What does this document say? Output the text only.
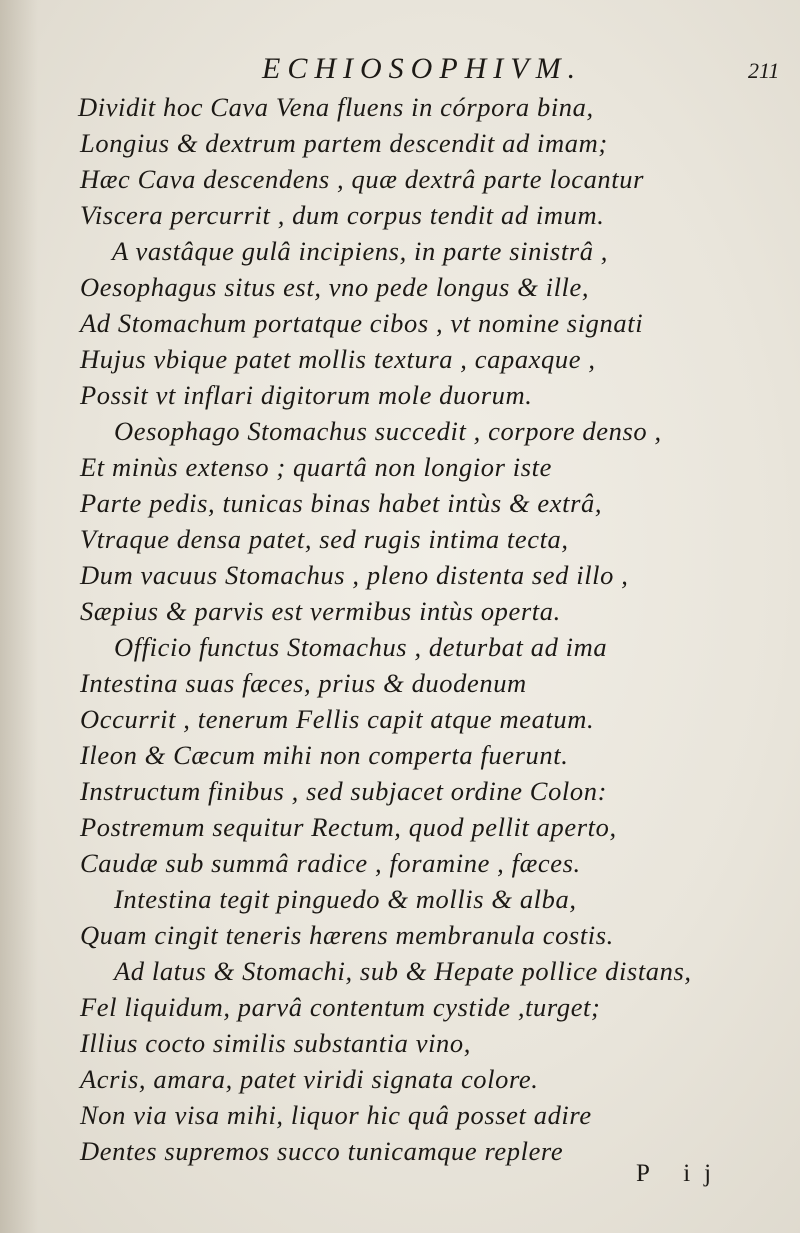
ECHIOSOPHIVM.	211
Dividit hoc Cava Vena fluens in córpora bina,
Longius & dextrum partem descendit ad imam;
Hæc Cava descendens , quæ dextrâ parte locantur
Viscera percurrit , dum corpus tendit ad imum.
A vastâque gulâ incipiens, in parte sinistrâ ,
Oesophagus situs est, vno pede longus & ille,
Ad Stomachum portatque cibos , vt nomine signati
Hujus vbique patet mollis textura , capaxque ,
Possit vt inflari digitorum mole duorum.
Oesophago Stomachus succedit , corpore denso ,
Et minùs extenso ; quartâ non longior iste
Parte pedis, tunicas binas habet intùs & extrâ,
Vtraque densa patet, sed rugis intima tecta,
Dum vacuus Stomachus , pleno distenta sed illo ,
Sæpius & parvis est vermibus intùs operta.
Officio functus Stomachus , deturbat ad ima
Intestina suas fæces, prius & duodenum
Occurrit , tenerum Fellis capit atque meatum.
Ileon & Cæcum mihi non comperta fuerunt.
Instructum finibus , sed subjacet ordine Colon:
Postremum sequitur Rectum, quod pellit aperto,
Caudæ sub summâ radice , foramine , fæces.
Intestina tegit pinguedo & mollis & alba,
Quam cingit teneris hærens membranula costis.
Ad latus & Stomachi, sub & Hepate pollice distans,
Fel liquidum, parvâ contentum cystide ,turget;
Illius cocto similis substantia vino,
Acris, amara, patet viridi signata colore.
Non via visa mihi, liquor hic quâ posset adire
Dentes supremos succo tunicamque replere
P ij
